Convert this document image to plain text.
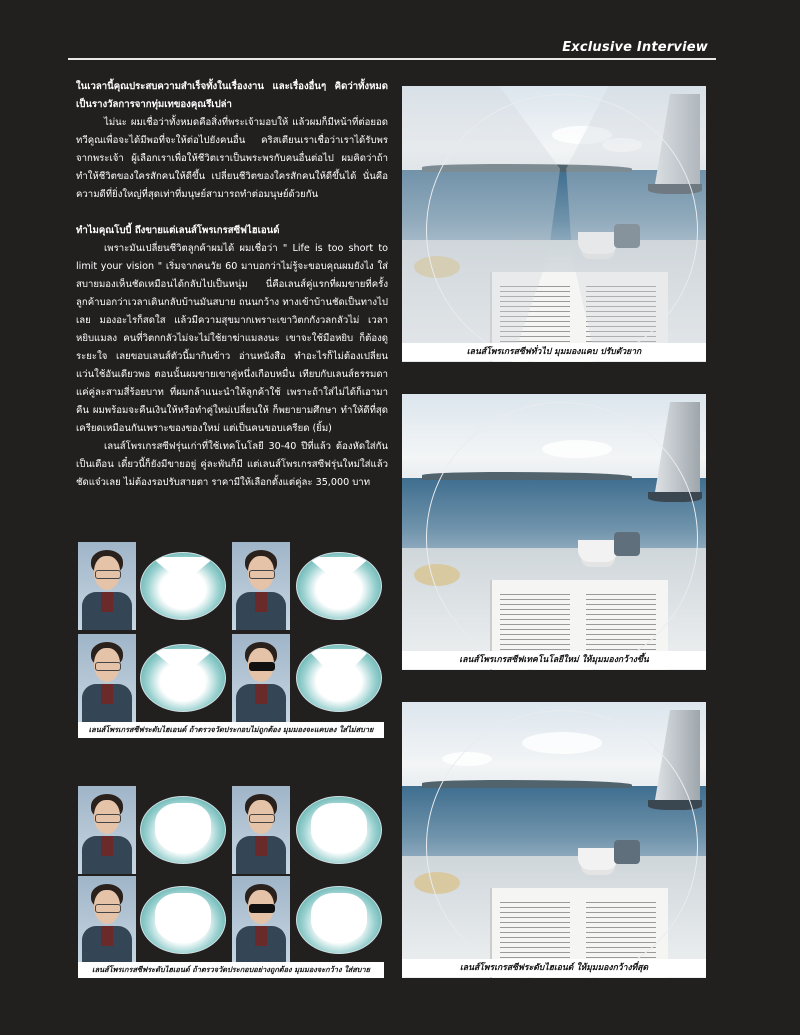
Exclusive Interview

ในเวลานี้คุณประสบความสำเร็จทั้งในเรื่องงาน และเรื่องอื่นๆ คิดว่าทั้งหมดเป็นรางวัลการจากทุ่มเทของคุณรึเปล่า

ไม่นะ ผมเชื่อว่าทั้งหมดคือสิ่งที่พระเจ้ามอบให้ แล้วผมก็มีหน้าที่ต่อยอดทวีคูณเพื่อจะได้มีพอที่จะให้ต่อไปยังคนอื่น คริสเตียนเราเชื่อว่าเราได้รับพรจากพระเจ้า ผู้เลือกเราเพื่อให้ชีวิตเราเป็นพระพรกับคนอื่นต่อไป ผมคิดว่าถ้าทำให้ชีวิตของใครสักคนให้ดีขึ้น เปลี่ยนชีวิตของใครสักคนให้ดีขึ้นได้ นั่นคือความดีที่ยิ่งใหญ่ที่สุดเท่าที่มนุษย์สามารถทำต่อมนุษย์ด้วยกัน

ทำไมคุณโบบี้ ถึงขายแต่เลนส์โพรเกรสซีฟไฮเอนด์

เพราะมันเปลี่ยนชีวิตลูกค้าผมได้ ผมเชื่อว่า " Life is too short to limit your vision " เริ่มจากคนวัย 60 มาบอกว่าไม่รู้จะขอบคุณผมยังไง ใส่สบายมองเห็นชัดเหมือนได้กลับไปเป็นหนุ่ม นี่คือเลนส์คู่แรกที่ผมขายที่ครั้งลูกค้าบอกว่าเวลาเดินกลับบ้านมันสบาย ถนนกว้าง ทางเข้าบ้านชัดเป็นทางไปเลย มองอะไรก็สดใส แล้วมีความสุขมากเพราะเขาวิตกกังวลกลัวไม่ เวลาหยิบแมลง คนที่วิตกกลัวไม่จะไม่ใช้ยาฆ่าแมลงนะ เขาจะใช้มือหยิบ ก็ต้องดูระยะใจ เลยขอบเลนส์ตัวนี้มากินข้าว อ่านหนังสือ ทำอะไรก็ไม่ต้องเปลี่ยนแว่นใช้อันเดียวพอ ตอนนั้นผมขายเขาคู่หนึ่งเกือบหมื่น เทียบกับเลนส์ธรรมดาแค่คู่ละสามสี่ร้อยบาท ที่ผมกล้าแนะนำให้ลูกค้าใช้ เพราะถ้าใส่ไม่ได้ก็เอามาคืน ผมพร้อมจะคืนเงินให้หรือทำคู่ใหม่เปลี่ยนให้ ก็พยายามศึกษา ทำให้ดีที่สุด เครียดเหมือนกันเพราะของของใหม่ แต่เป็นคนขอบเครียด (ยิ้ม)

เลนส์โพรเกรสซีฟรุ่นเก่าที่ใช้เทคโนโลยี 30-40 ปีที่แล้ว ต้องหัดใส่กันเป็นเดือน เดี๋ยวนี้ก็ยังมีขายอยู่ คู่ละพันก็มี แต่เลนส์โพรเกรสซีฟรุ่นใหม่ใส่แล้วชัดแจ๋วเลย ไม่ต้องรอปรับสายตา ราคามีให้เลือกตั้งแต่คู่ละ 35,000 บาท

เลนส์โพรเกรสซีฟทั่วไป มุมมองแคบ ปรับตัวยาก
เลนส์โพรเกรสซีฟเทคโนโลยีใหม่ ให้มุมมองกว้างขึ้น
เลนส์โพรเกรสซีฟระดับไฮเอนด์ ให้มุมมองกว้างที่สุด
เลนส์โพรเกรสซีฟระดับไฮเอนด์ ถ้าตรวจวัดประกอบไม่ถูกต้อง มุมมองจะแคบลง ใส่ไม่สบาย
เลนส์โพรเกรสซีฟระดับไฮเอนด์ ถ้าตรวจวัดประกอบอย่างถูกต้อง มุมมองจะกว้าง ใส่สบาย
